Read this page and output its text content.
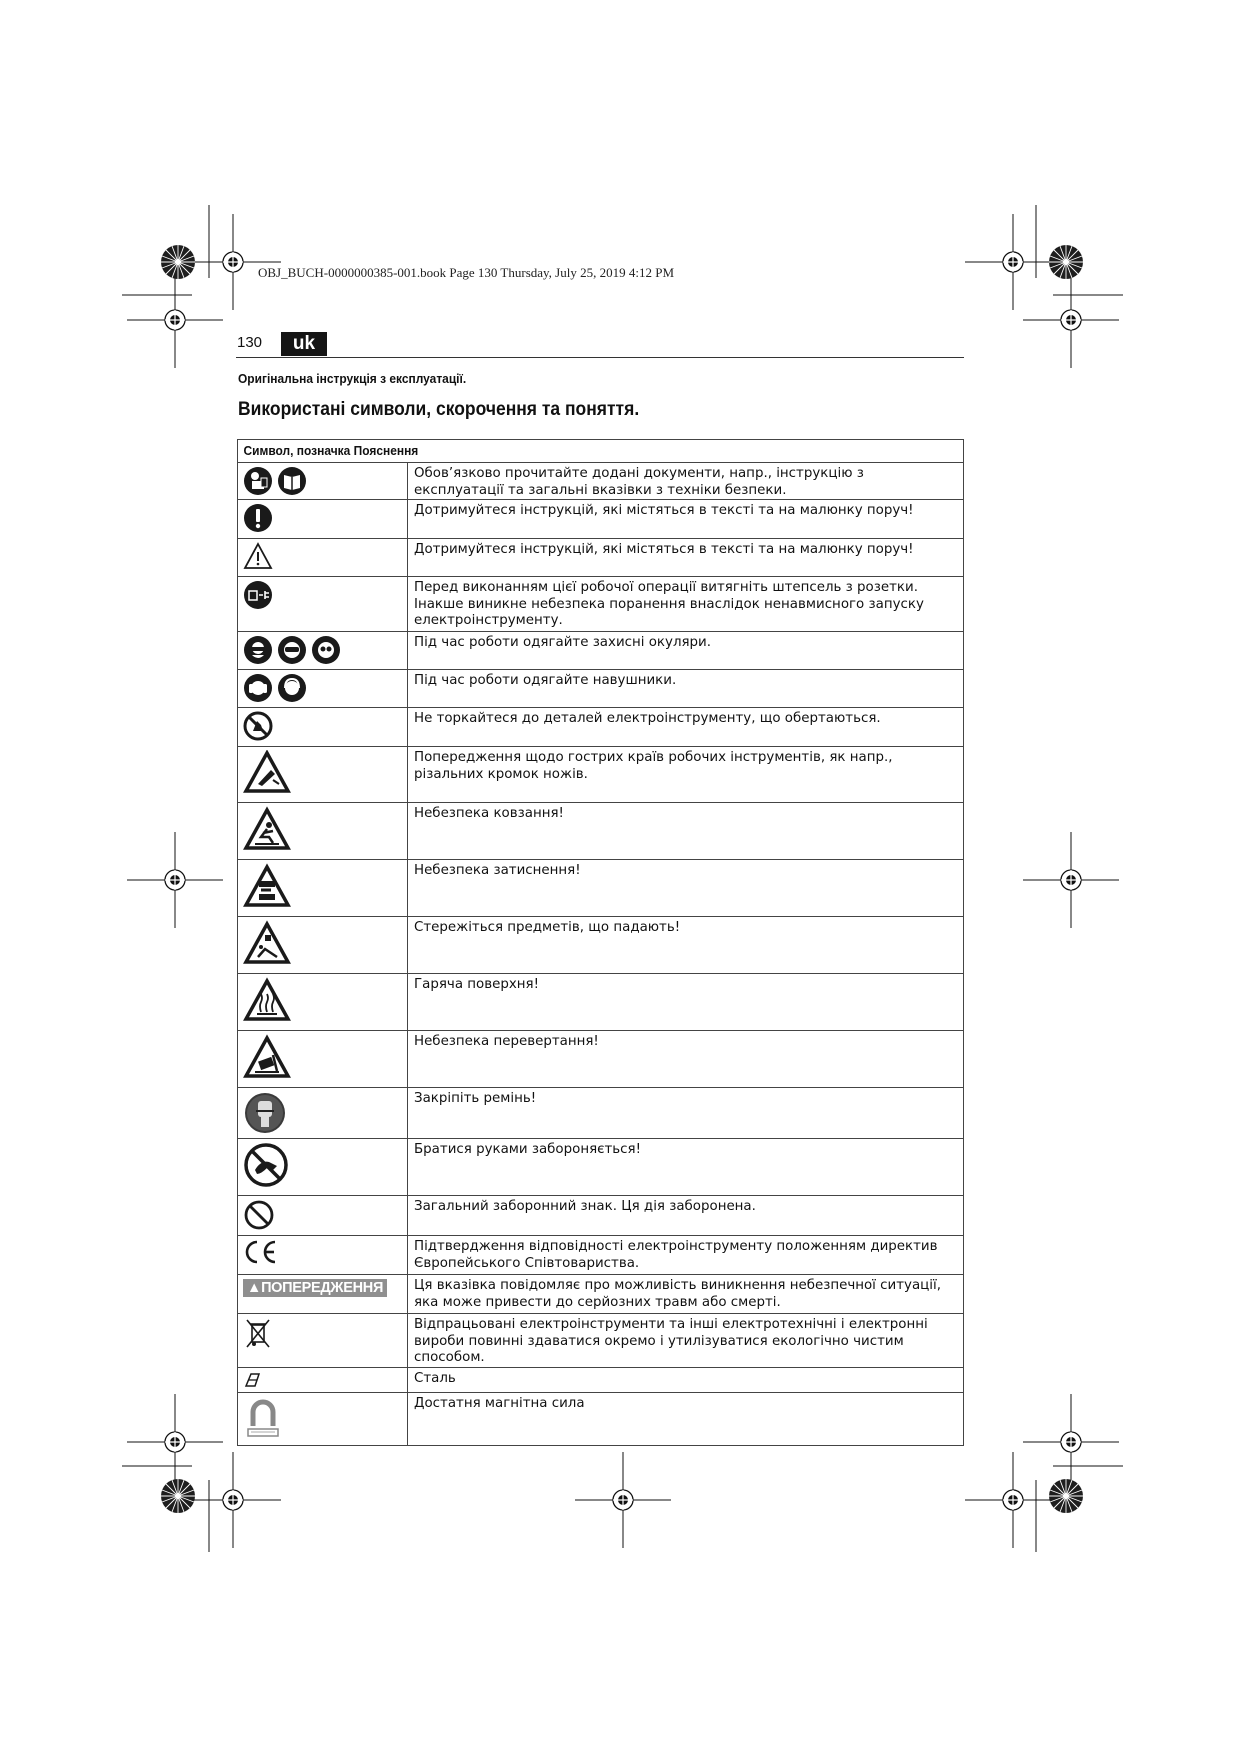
OBJ_BUCH-0000000385-001.book Page 130 Thursday, July 25, 2019 4:12 PM
130	uk
Оригінальна інструкція з експлуатації.
Використані символи, скорочення та поняття.
Символ, позначка Пояснення	

	Обов’язково прочитайте додані документи, напр., інструкцію з експлуатації та загальні вказівки з техніки безпеки.

	Дотримуйтеся інструкцій, які містяться в тексті та на малюнку поруч!

	Дотримуйтеся інструкцій, які містяться в тексті та на малюнку поруч!

	Перед виконанням цієї робочої операції витягніть штепсель з розетки. Інакше виникне небезпека поранення внаслідок ненавмисного запуску електроінструменту.

	Під час роботи одягайте захисні окуляри.

	Під час роботи одягайте навушники.

	Не торкайтеся до деталей електроінструменту, що обертаються.

	Попередження щодо гострих країв робочих інструментів, як напр., різальних кромок ножів.

	Небезпека ковзання!

	Небезпека затиснення!

	Стережіться предметів, що падають!

	Гаряча поверхня!

	Небезпека перевертання!

	Закріпіть ремінь!

	Братися руками забороняється!

	Загальний заборонний знак. Ця дія заборонена.

	Підтвердження відповідності електроінструменту положенням директив Європейського Співтовариства.
▲ПОПЕРЕДЖЕННЯ	Ця вказівка повідомляє про можливість виникнення небезпечної ситуації, яка може привести до серйозних травм або смерті.

	Відпрацьовані електроінструменти та інші електротехнічні і електронні вироби повинні здаватися окремо і утилізуватися екологічно чистим способом.

	Сталь

	Достатня магнітна сила
